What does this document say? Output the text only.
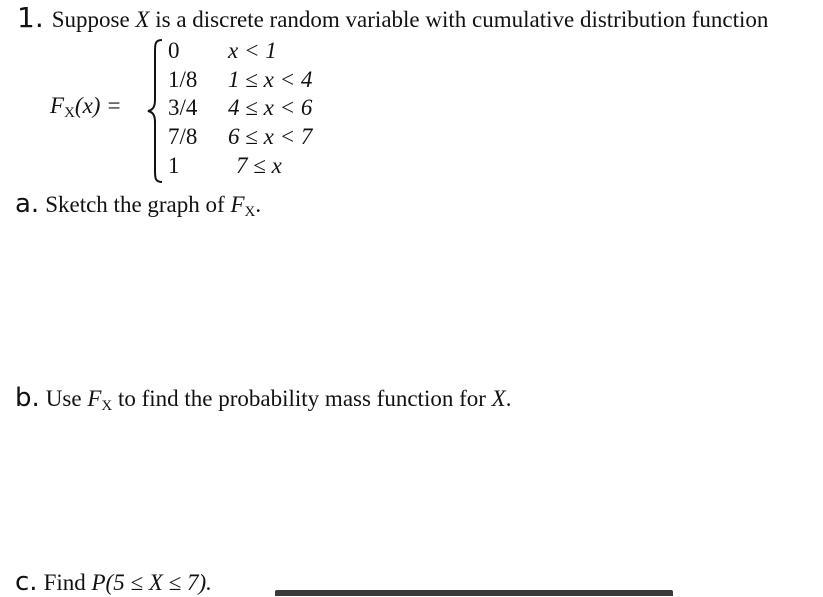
1. Suppose X is a discrete random variable with cumulative distribution function
$F_X(x)$ =
0 x < 1
1/8 1 ≤ x < 4
3/4 4 ≤ x < 6
7/8 6 ≤ x < 7
1 7 ≤ x
a. Sketch the graph of $F_X$.
b. Use $F_X$ to find the probability mass function for X.
c. Find P(5 ≤ X ≤ 7).
